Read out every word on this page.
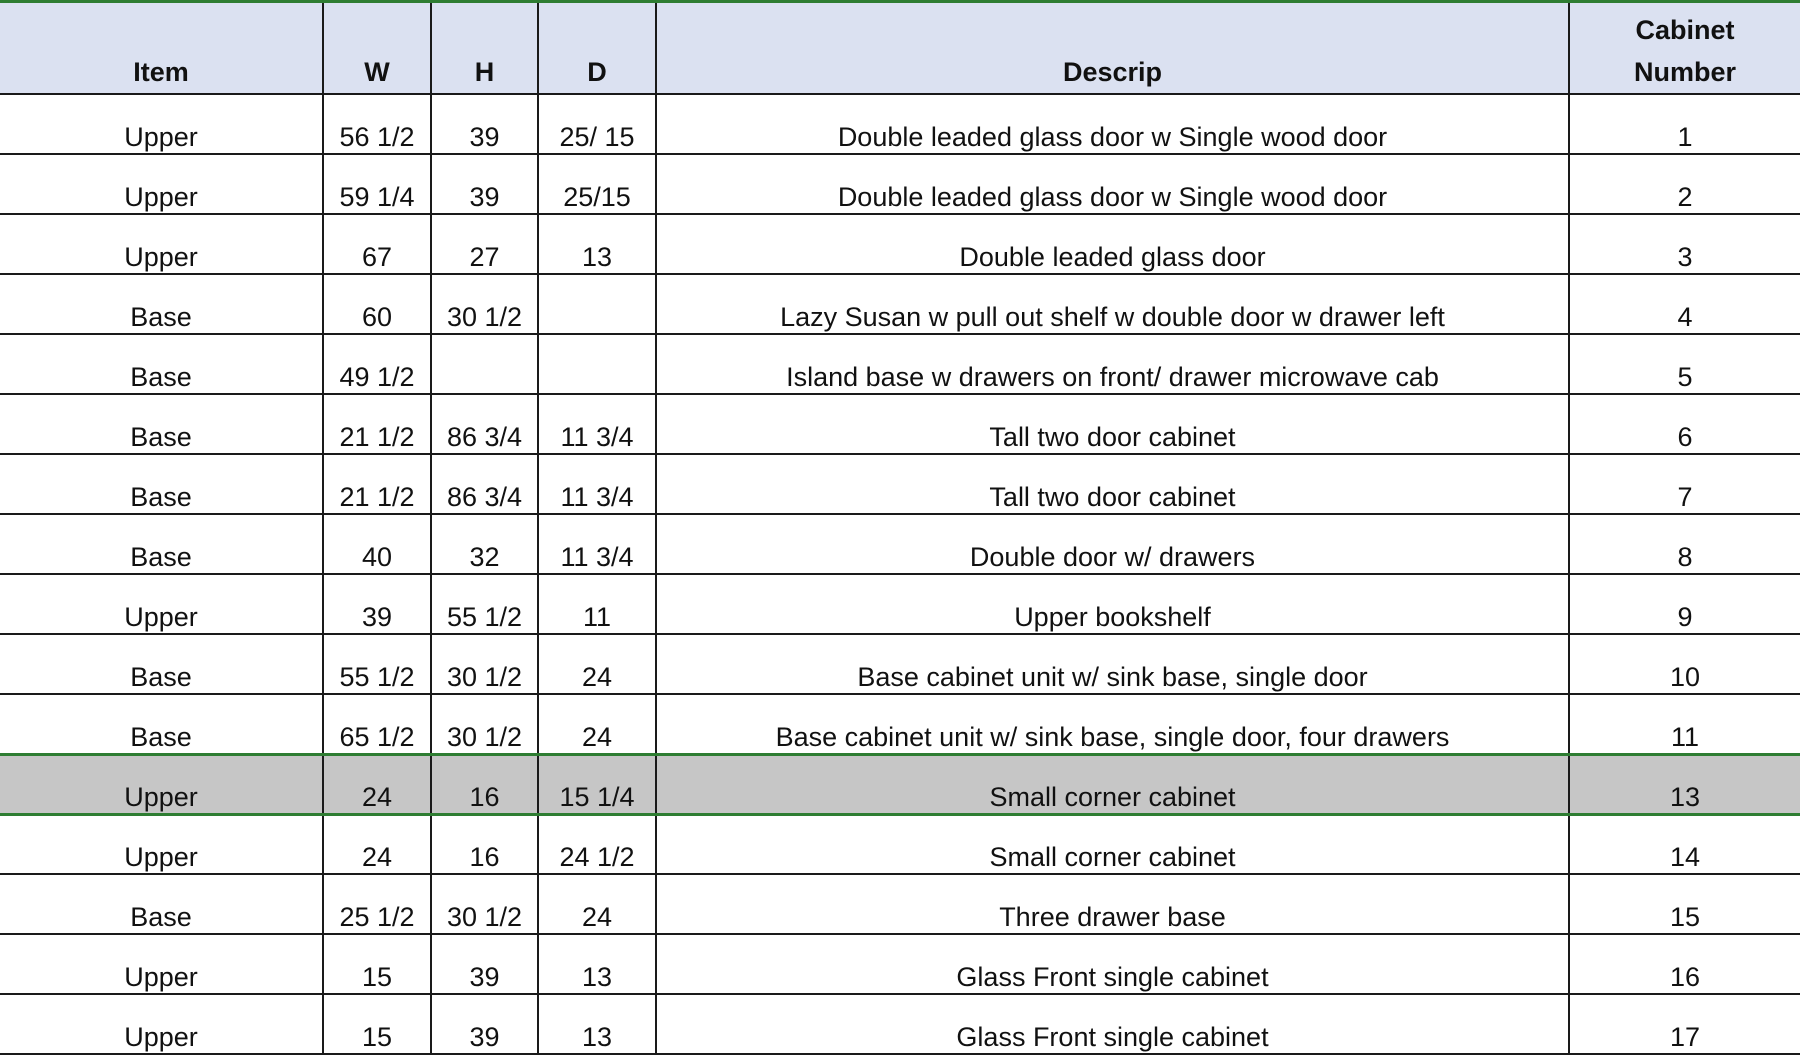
Item	W	H	D	Descrip	Cabinet
Number
Upper	56 1/2	39	25/ 15	Double leaded glass door w Single wood door	1
Upper	59 1/4	39	25/15	Double leaded glass door w Single wood door	2
Upper	67	27	13	Double leaded glass door	3
Base	60	30 1/2		Lazy Susan w pull out shelf w double door w drawer left	4
Base	49 1/2			Island base w drawers on front/ drawer microwave cab	5
Base	21 1/2	86 3/4	11 3/4	Tall two door cabinet	6
Base	21 1/2	86 3/4	11 3/4	Tall two door cabinet	7
Base	40	32	11 3/4	Double door w/ drawers	8
Upper	39	55 1/2	11	Upper bookshelf	9
Base	55 1/2	30 1/2	24	Base cabinet unit w/ sink base, single door	10
Base	65 1/2	30 1/2	24	Base cabinet unit w/ sink base, single door, four drawers	11
Upper	24	16	15 1/4	Small corner cabinet	13
Upper	24	16	24 1/2	Small corner cabinet	14
Base	25 1/2	30 1/2	24	Three drawer base	15
Upper	15	39	13	Glass Front single cabinet	16
Upper	15	39	13	Glass Front single cabinet	17
